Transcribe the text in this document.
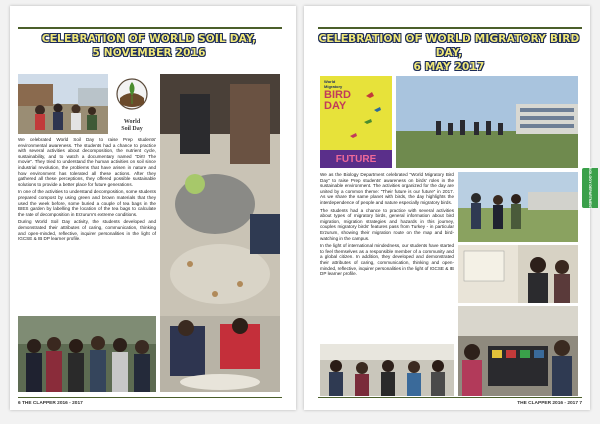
CELEBRATION OF WORLD SOIL DAY,
5 NOVEMBER 2016
World
Soil Day

We celebrated World Soil Day to raise Prep students' environmental awareness. The students had a chance to practice with several activities about decomposition, the nutrient cycle, sustainability, and to watch a documentary named "Dirt! The movie". They tried to understand the human activities on soil since industrial revolution, the problems that have arisen in nature and how environment has tolerated all these actions. After they gathered all these perceptions, they offered possible sustainable solutions to provide a better place for future generations.

In one of the activities to understand decomposition, some students prepared compost by using green and brown materials that they used the week before, some buried a couple of tea bags in the BIES garden by labelling the location of the tea bags to calculate the rate of decomposition in Erzurum's extreme conditions.

During World Soil Day activity, the students developed and demonstrated their attributes of caring, communication, thinking and open-minded, reflective, inquirer personalities in the light of IGCSE & IB DP learner profile.

6 THE CLAPPER 2016 - 2017
CELEBRATION OF WORLD MIGRATORY BIRD DAY,
6 MAY 2017
World
Migratory
BIRD
DAY
FUTURE

We as the Biology Department celebrated "World Migratory Bird Day" to raise Prep students' awareness on birds' roles in the sustainable environment. The activities organized for the day are united by a common theme: "Their future is our future" in 2017. As we share the same planet with birds, the day highlights the interdependence of people and nature especially migratory birds.

The students had a chance to practice with several activities about types of migratory birds, general information about bird migration, migration strategies and hazards in this journey, couples migratory birds' features pass from Turkey - in particular Erzurum, showing their migration route on the map and bird-watching in the campus.

In the light of international mindedness, our students have started to feel themselves as a responsible member of a community and a global citizen. In addition, they developed and demonstrated their attributes of caring, communication, thinking and open-minded, reflective, inquirer personalities in the light of IGCSE & IB DP learner profile.

THE CLAPPER 2016 - 2017 7
BIOLOGY DEPARTMENT
